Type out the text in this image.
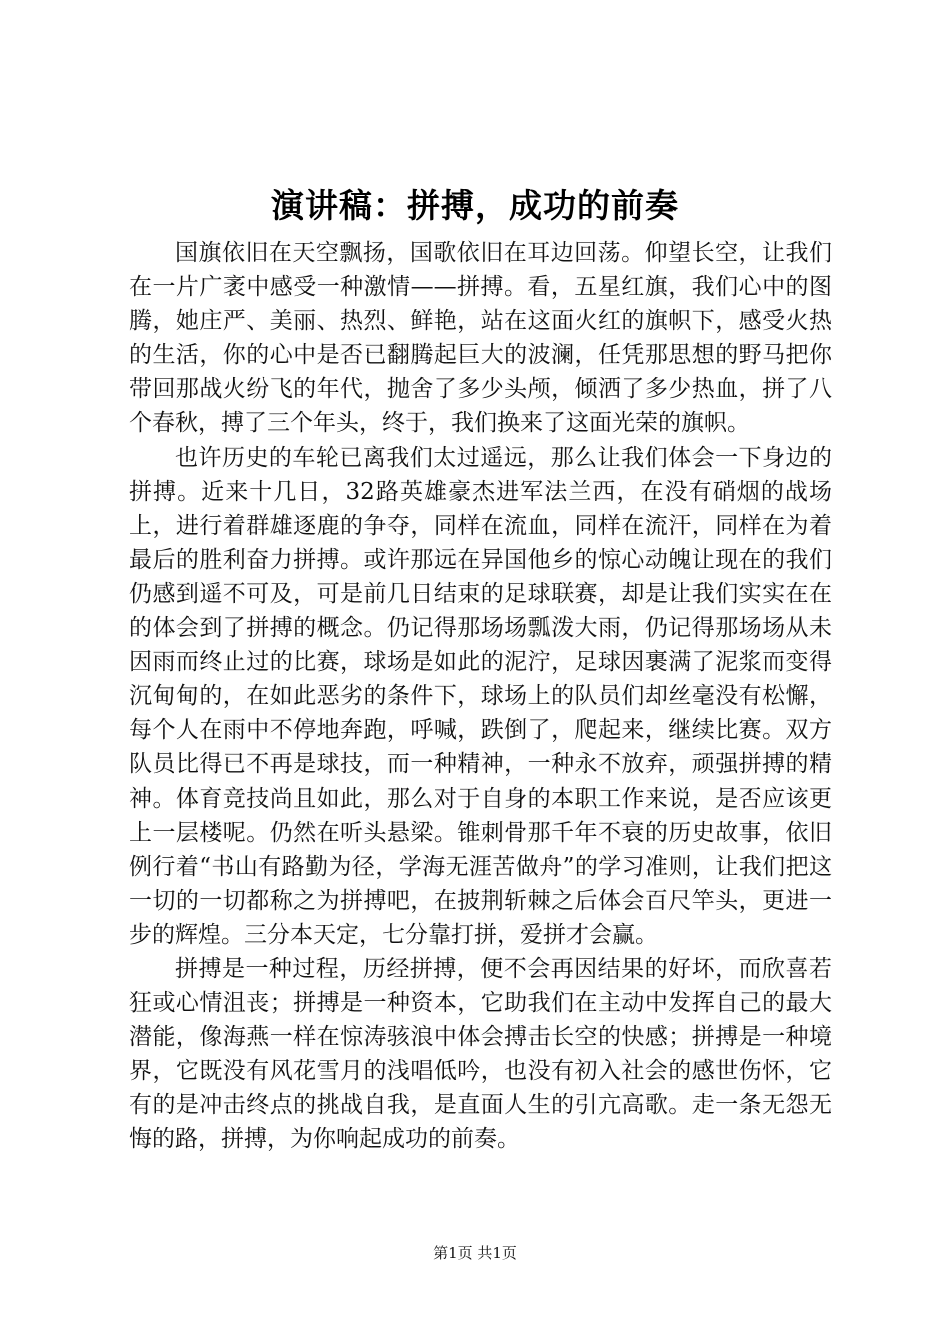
演讲稿：拼搏，成功的前奏

国旗依旧在天空飘扬，国歌依旧在耳边回荡。仰望长空，让我们在一片广袤中感受一种激情——拼搏。看，五星红旗，我们心中的图腾，她庄严、美丽、热烈、鲜艳，站在这面火红的旗帜下，感受火热的生活，你的心中是否已翻腾起巨大的波澜，任凭那思想的野马把你带回那战火纷飞的年代，抛舍了多少头颅，倾洒了多少热血，拼了八个春秋，搏了三个年头，终于，我们换来了这面光荣的旗帜。

也许历史的车轮已离我们太过遥远，那么让我们体会一下身边的拼搏。近来十几日，32路英雄豪杰进军法兰西，在没有硝烟的战场上，进行着群雄逐鹿的争夺，同样在流血，同样在流汗，同样在为着最后的胜利奋力拼搏。或许那远在异国他乡的惊心动魄让现在的我们仍感到遥不可及，可是前几日结束的足球联赛，却是让我们实实在在的体会到了拼搏的概念。仍记得那场场瓢泼大雨，仍记得那场场从未因雨而终止过的比赛，球场是如此的泥泞，足球因裹满了泥浆而变得沉甸甸的，在如此恶劣的条件下，球场上的队员们却丝毫没有松懈，每个人在雨中不停地奔跑，呼喊，跌倒了，爬起来，继续比赛。双方队员比得已不再是球技，而一种精神，一种永不放弃，顽强拼搏的精神。体育竞技尚且如此，那么对于自身的本职工作来说，是否应该更上一层楼呢。仍然在听头悬梁。锥刺骨那千年不衰的历史故事，依旧例行着“书山有路勤为径，学海无涯苦做舟”的学习准则，让我们把这一切的一切都称之为拼搏吧，在披荆斩棘之后体会百尺竿头，更进一步的辉煌。三分本天定，七分靠打拼，爱拼才会赢。

拼搏是一种过程，历经拼搏，便不会再因结果的好坏，而欣喜若狂或心情沮丧；拼搏是一种资本，它助我们在主动中发挥自己的最大潜能，像海燕一样在惊涛骇浪中体会搏击长空的快感；拼搏是一种境界，它既没有风花雪月的浅唱低吟，也没有初入社会的感世伤怀，它有的是冲击终点的挑战自我，是直面人生的引亢高歌。走一条无怨无悔的路，拼搏，为你响起成功的前奏。

第1页 共1页
